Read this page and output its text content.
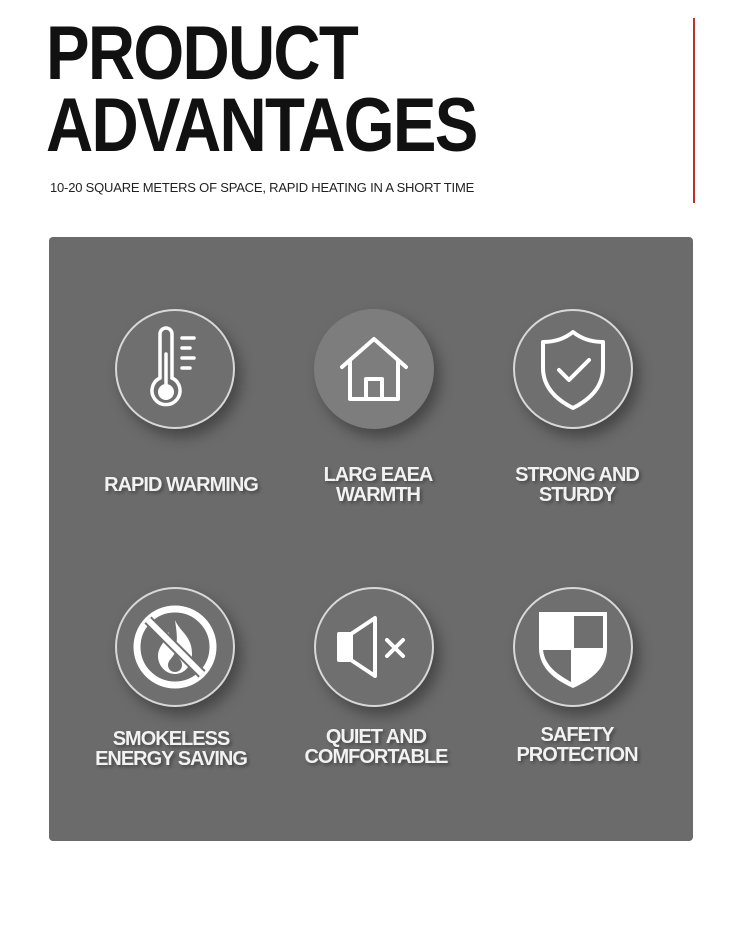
PRODUCT
ADVANTAGES
10-20 SQUARE METERS OF SPACE, RAPID HEATING IN A SHORT TIME
RAPID WARMING	LARG EAEA
WARMTH
STRONG AND
STURDY
SMOKELESS
ENERGY SAVING
QUIET AND
COMFORTABLE
SAFETY
PROTECTION
